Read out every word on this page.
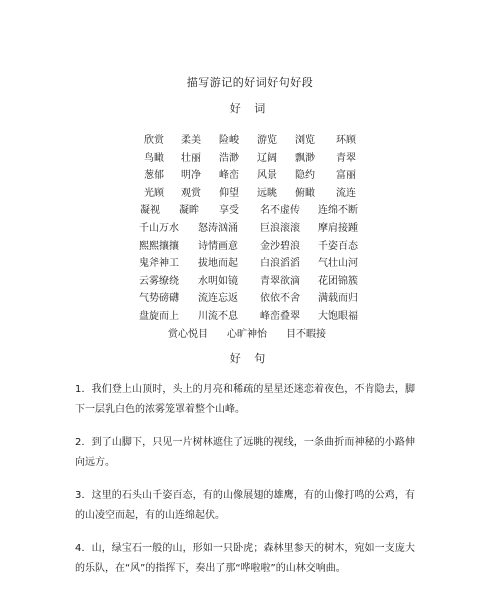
描写游记的好词好句好段
好 词
欣赏 柔美 险峻 游览 浏览 环顾
鸟瞰 壮丽 浩渺 辽阔 飘渺 青翠
葱郁 明净 峰峦 风景 隐约 富丽
光顾 观赏 仰望 远眺 俯瞰 流连
凝视 凝眸 享受 名不虚传 连绵不断
千山万水 怒涛汹涌 巨浪滚滚 摩肩接踵
熙熙攘攘 诗情画意 金沙碧浪 千姿百态
鬼斧神工 拔地而起 白浪滔滔 气壮山河
云雾缭绕 水明如镜 青翠欲滴 花团锦簇
气势磅礴 流连忘返 依依不舍 满载而归
盘旋而上 川流不息 峰峦叠翠 大饱眼福
赏心悦目 心旷神怡 目不暇接
好 句

1．我们登上山顶时，头上的月亮和稀疏的星星还迷恋着夜色，不肯隐去，脚下一层乳白色的浓雾笼罩着整个山峰。

2．到了山脚下，只见一片树林遮住了远眺的视线，一条曲折而神秘的小路伸向远方。

3．这里的石头山千姿百态，有的山像展翅的雄鹰，有的山像打鸣的公鸡，有的山凌空而起，有的山连绵起伏。

4．山，绿宝石一般的山，形如一只卧虎；森林里参天的树木，宛如一支庞大的乐队，在“风”的指挥下，奏出了那“哗啦啦”的山林交响曲。
